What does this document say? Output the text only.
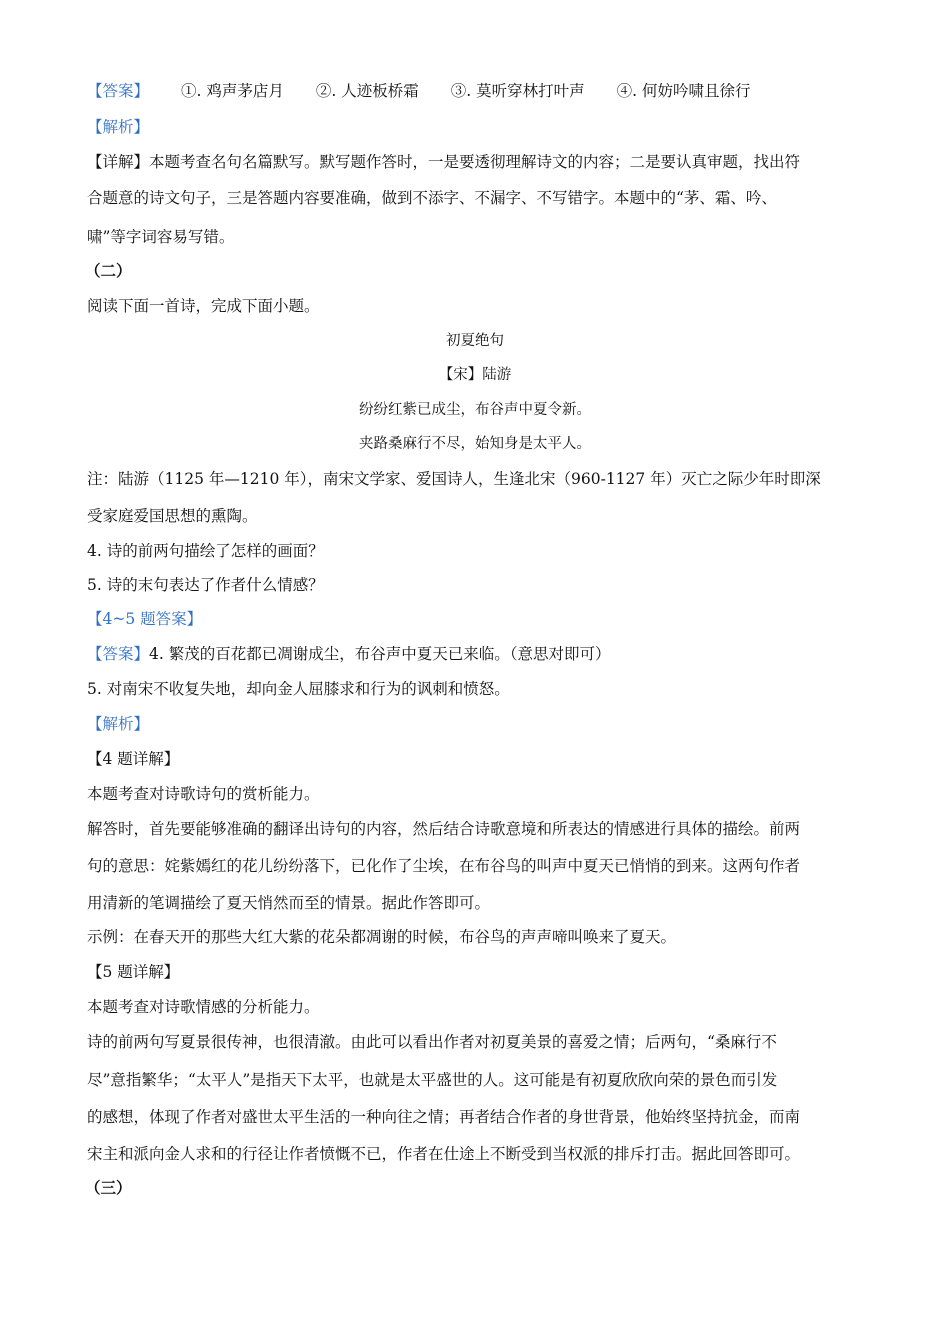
【答案】 ①. 鸡声茅店月 ②. 人迹板桥霜 ③. 莫听穿林打叶声 ④. 何妨吟啸且徐行
【解析】
【详解】本题考查名句名篇默写。默写题作答时，一是要透彻理解诗文的内容；二是要认真审题，找出符
合题意的诗文句子，三是答题内容要准确，做到不添字、不漏字、不写错字。本题中的“茅、霜、吟、
啸”等字词容易写错。
（二）
阅读下面一首诗，完成下面小题。
初夏绝句
【宋】陆游
纷纷红紫已成尘，布谷声中夏令新。
夹路桑麻行不尽，始知身是太平人。
注：陆游（1125 年—1210 年），南宋文学家、爱国诗人，生逢北宋（960-1127 年）灭亡之际少年时即深
受家庭爱国思想的熏陶。
4. 诗的前两句描绘了怎样的画面？
5. 诗的末句表达了作者什么情感？
【4~5 题答案】
【答案】4. 繁茂的百花都已凋谢成尘，布谷声中夏天已来临。（意思对即可）
5. 对南宋不收复失地，却向金人屈膝求和行为的讽刺和愤怒。
【解析】
【4 题详解】
本题考查对诗歌诗句的赏析能力。
解答时，首先要能够准确的翻译出诗句的内容，然后结合诗歌意境和所表达的情感进行具体的描绘。前两
句的意思：姹紫嫣红的花儿纷纷落下，已化作了尘埃，在布谷鸟的叫声中夏天已悄悄的到来。这两句作者
用清新的笔调描绘了夏天悄然而至的情景。据此作答即可。
示例：在春天开的那些大红大紫的花朵都凋谢的时候，布谷鸟的声声啼叫唤来了夏天。
【5 题详解】
本题考查对诗歌情感的分析能力。
诗的前两句写夏景很传神，也很清澈。由此可以看出作者对初夏美景的喜爱之情；后两句，“桑麻行不
尽”意指繁华；“太平人”是指天下太平，也就是太平盛世的人。这可能是有初夏欣欣向荣的景色而引发
的感想，体现了作者对盛世太平生活的一种向往之情；再者结合作者的身世背景，他始终坚持抗金，而南
宋主和派向金人求和的行径让作者愤慨不已，作者在仕途上不断受到当权派的排斥打击。据此回答即可。
（三）
